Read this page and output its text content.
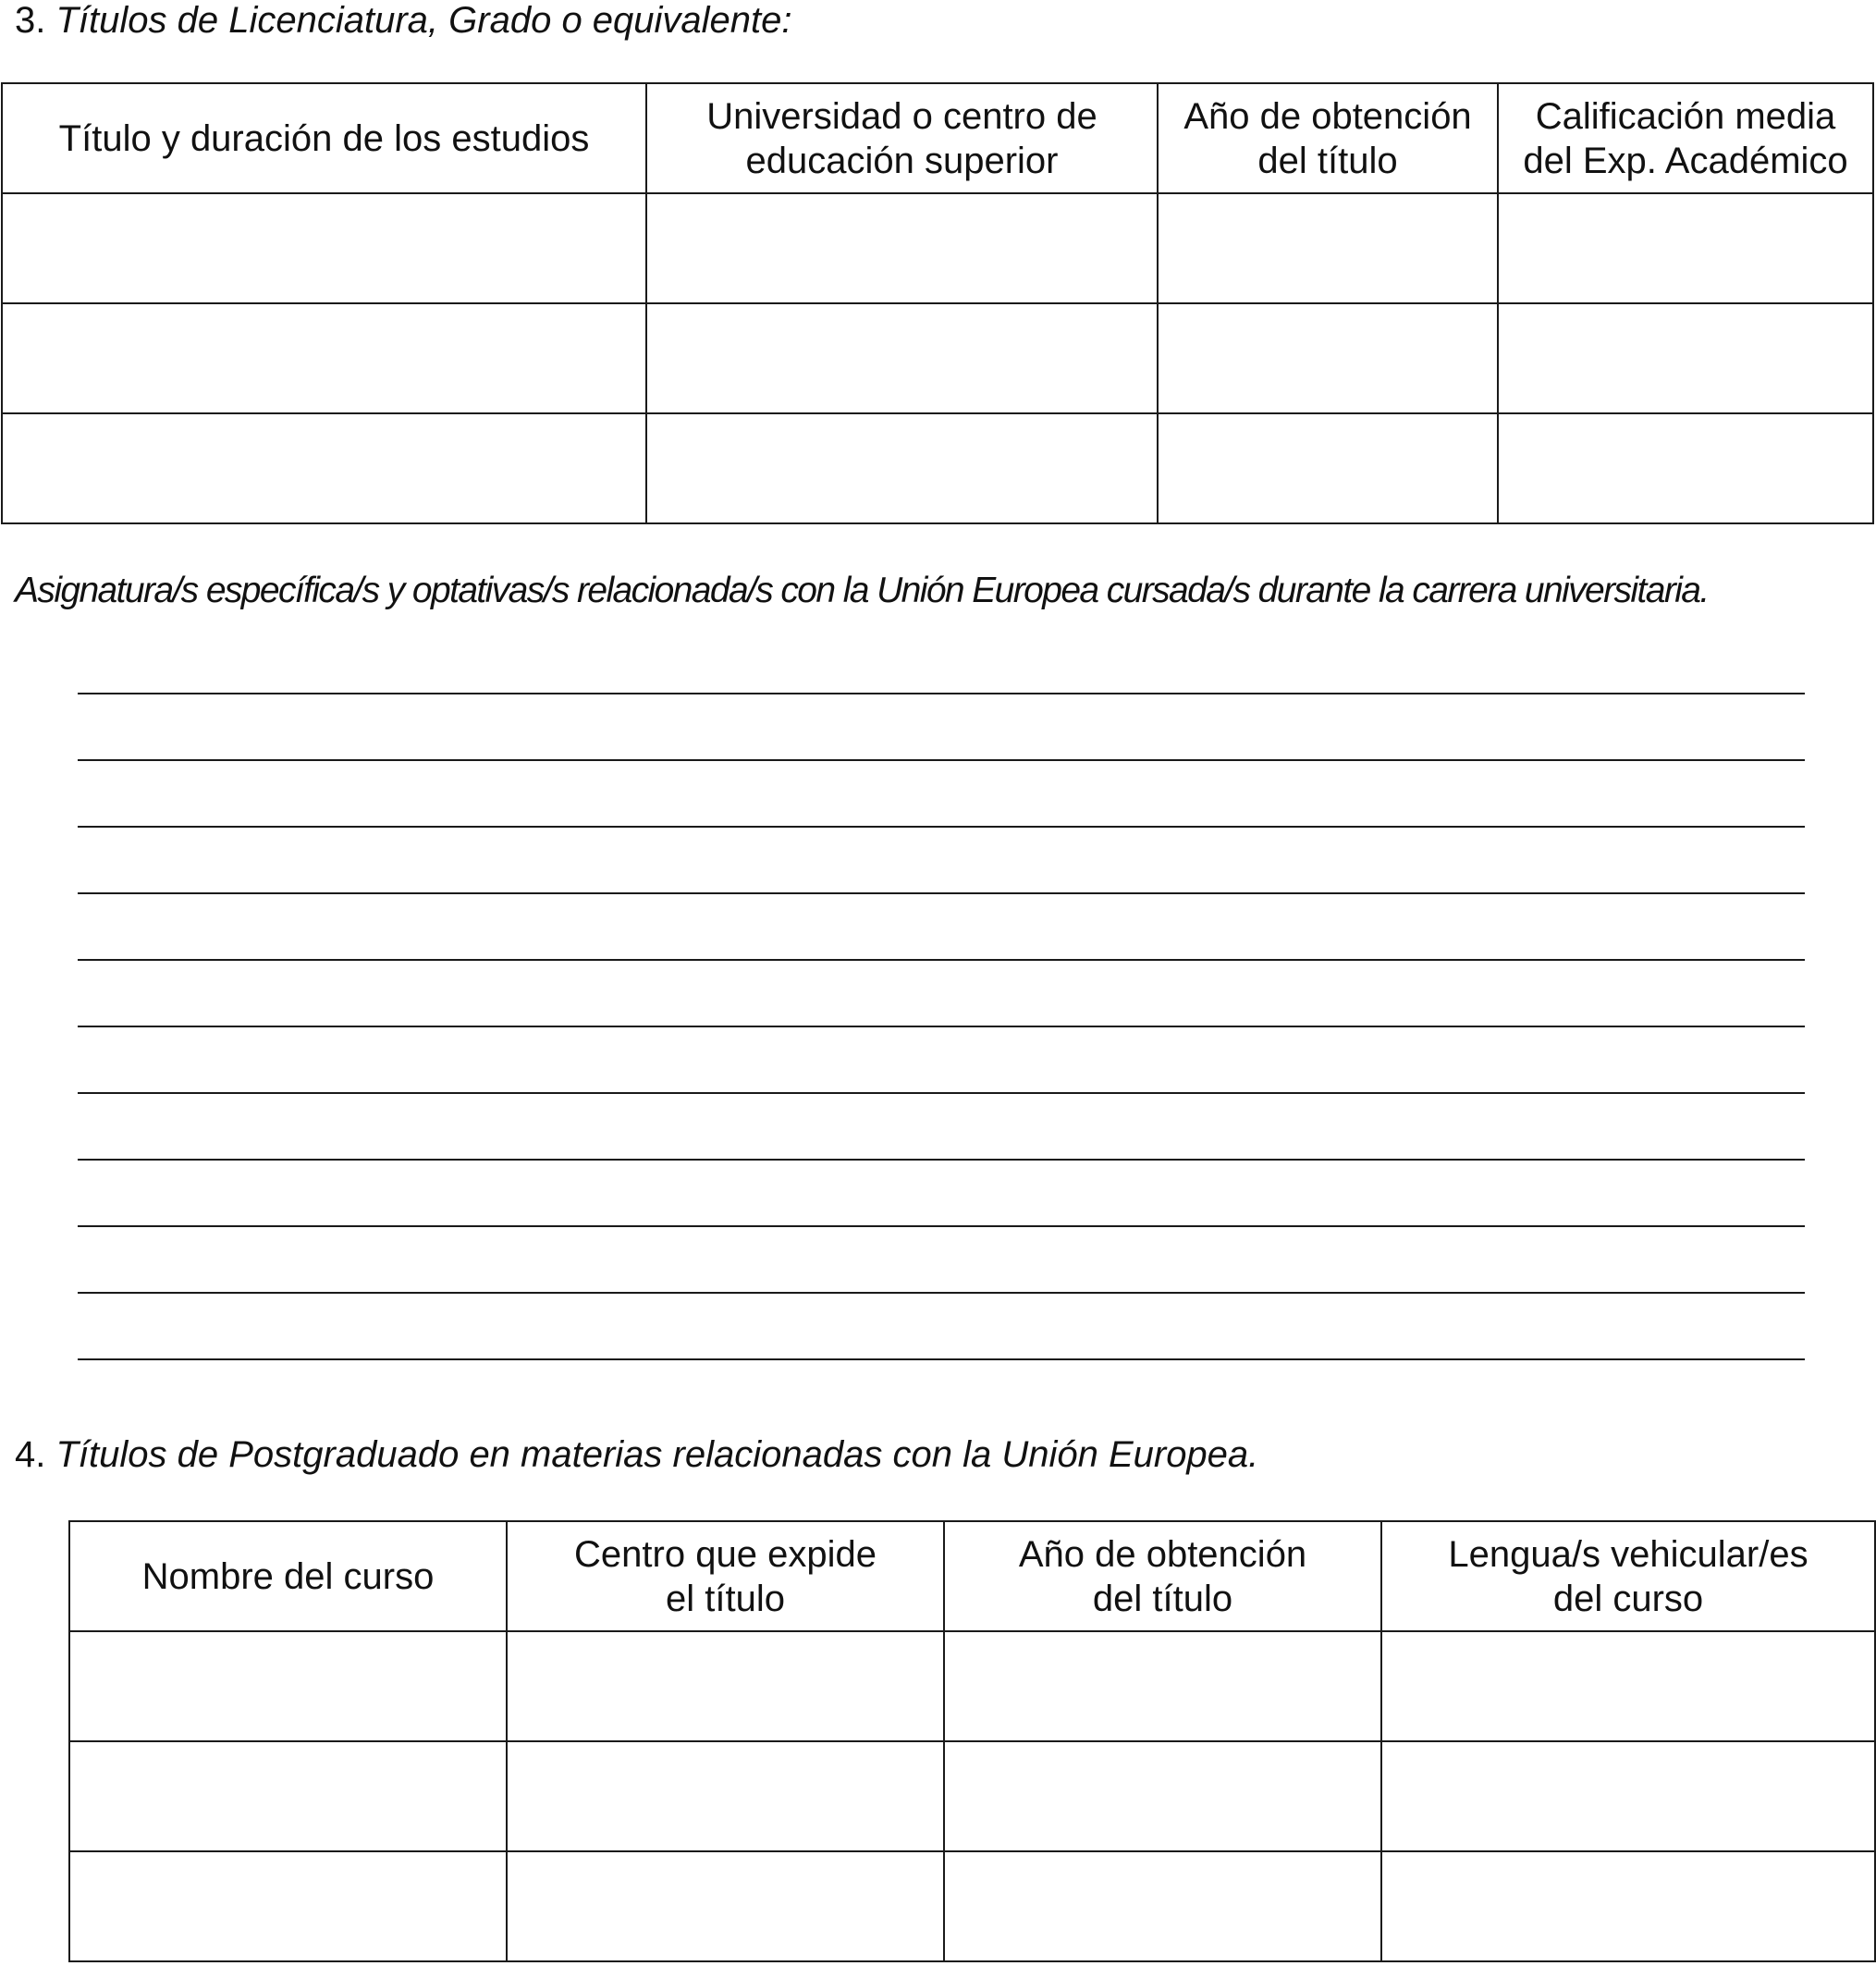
3. Títulos de Licenciatura, Grado o equivalente:
Título y duración de los estudios	Universidad o centro de educación superior	Año de obtención del título	Calificación media del Exp. Académico

Asignatura/s específica/s y optativas/s relacionada/s con la Unión Europea cursada/s durante la carrera universitaria.
4. Títulos de Postgraduado en materias relacionadas con la Unión Europea.
Nombre del curso	Centro que expide el título	Año de obtención del título	Lengua/s vehicular/es del curso
